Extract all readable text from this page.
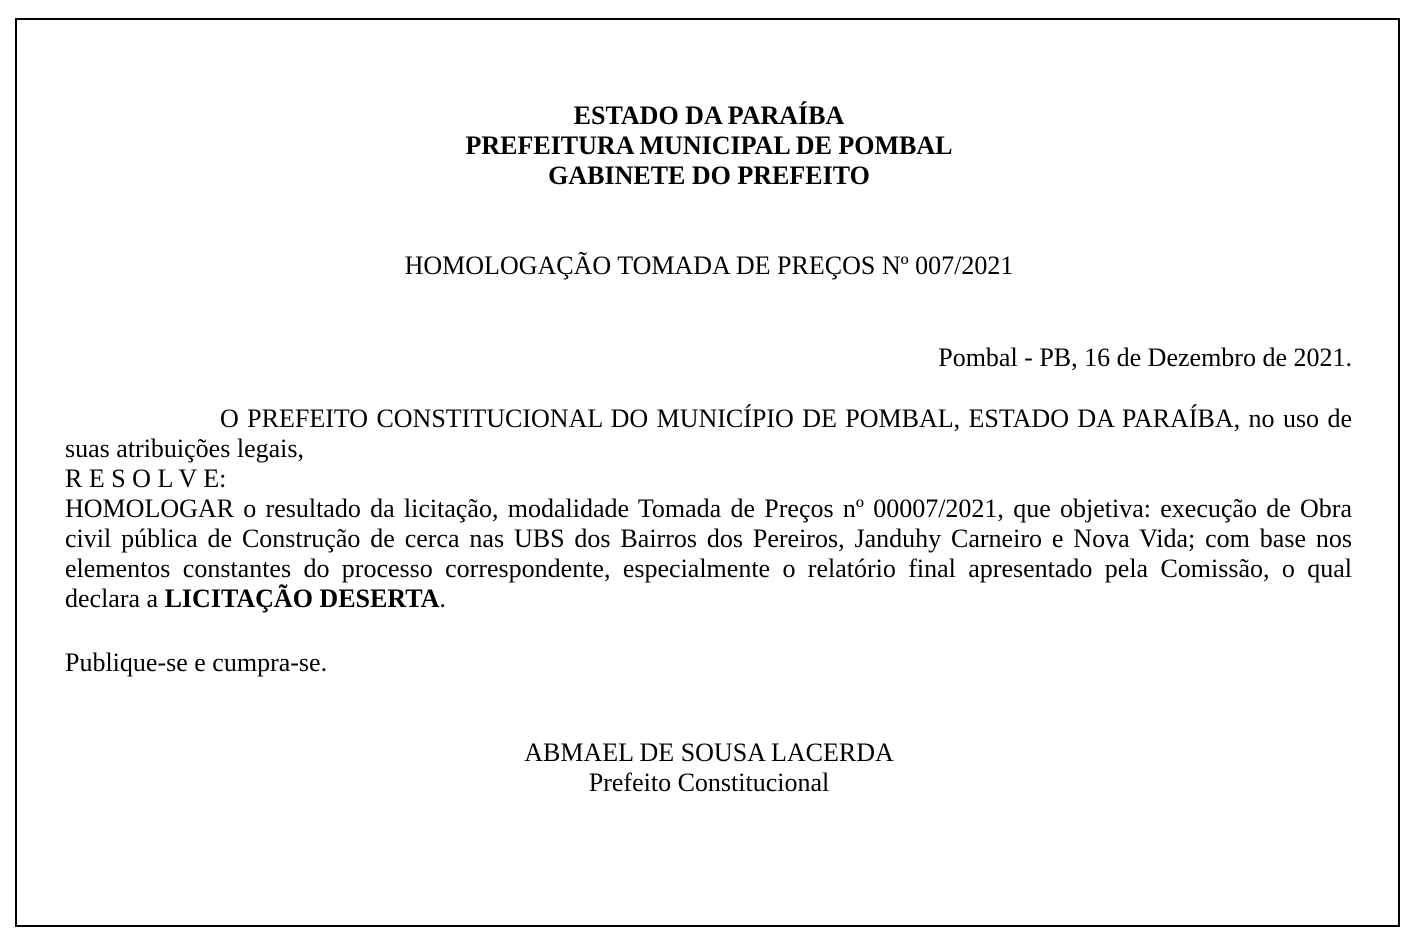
ESTADO DA PARAÍBA
PREFEITURA MUNICIPAL DE POMBAL
GABINETE DO PREFEITO
HOMOLOGAÇÃO TOMADA DE PREÇOS Nº 007/2021
Pombal - PB, 16 de Dezembro de 2021.
O PREFEITO CONSTITUCIONAL DO MUNICÍPIO DE POMBAL, ESTADO DA PARAÍBA, no uso de suas atribuições legais,
R E S O L V E:
HOMOLOGAR o resultado da licitação, modalidade Tomada de Preços nº 00007/2021, que objetiva: execução de Obra civil pública de Construção de cerca nas UBS dos Bairros dos Pereiros, Janduhy Carneiro e Nova Vida; com base nos elementos constantes do processo correspondente, especialmente o relatório final apresentado pela Comissão, o qual declara a LICITAÇÃO DESERTA.
Publique-se e cumpra-se.
ABMAEL DE SOUSA LACERDA
Prefeito Constitucional
